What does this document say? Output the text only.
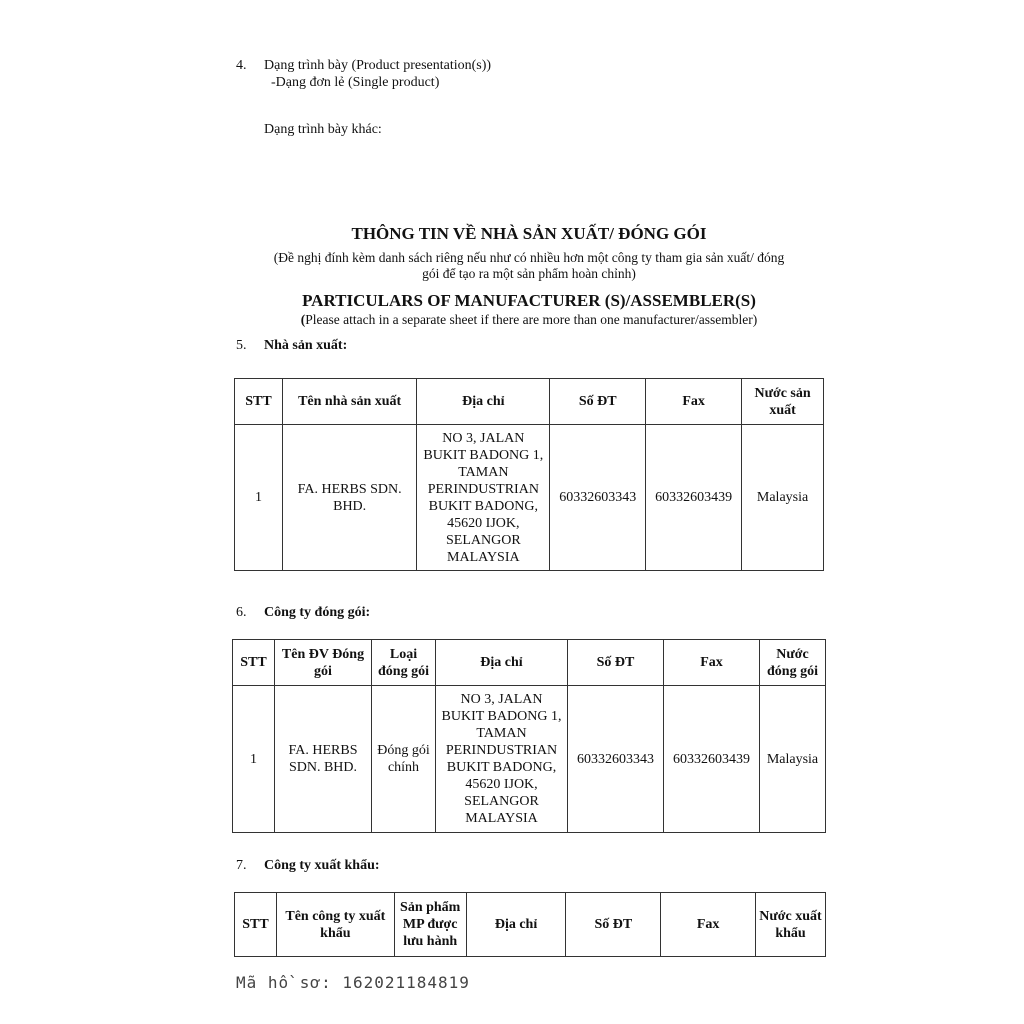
4. Dạng trình bày (Product presentation(s))
-Dạng đơn lẻ (Single product)
Dạng trình bày khác:
THÔNG TIN VỀ NHÀ SẢN XUẤT/ ĐÓNG GÓI
(Đề nghị đính kèm danh sách riêng nếu như có nhiều hơn một công ty tham gia sản xuất/ đóng
gói để tạo ra một sản phẩm hoàn chỉnh)
PARTICULARS OF MANUFACTURER (S)/ASSEMBLER(S)
(Please attach in a separate sheet if there are more than one manufacturer/assembler)
5. Nhà sản xuất:
STT	Tên nhà sản xuất	Địa chỉ	Số ĐT	Fax	Nước sản xuất
1	FA. HERBS SDN. BHD.	NO 3, JALAN BUKIT BADONG 1, TAMAN PERINDUSTRIAN BUKIT BADONG, 45620 IJOK, SELANGOR MALAYSIA	60332603343	60332603439	Malaysia
6. Công ty đóng gói:
STT	Tên ĐV Đóng gói	Loại đóng gói	Địa chỉ	Số ĐT	Fax	Nước đóng gói
1	FA. HERBS SDN. BHD.	Đóng gói chính	NO 3, JALAN BUKIT BADONG 1, TAMAN PERINDUSTRIAN BUKIT BADONG, 45620 IJOK, SELANGOR MALAYSIA	60332603343	60332603439	Malaysia
7. Công ty xuất khẩu:
STT	Tên công ty xuất khẩu	Sản phẩm MP được lưu hành	Địa chỉ	Số ĐT	Fax	Nước xuất khẩu
Mã hồ sơ: 162021184819
